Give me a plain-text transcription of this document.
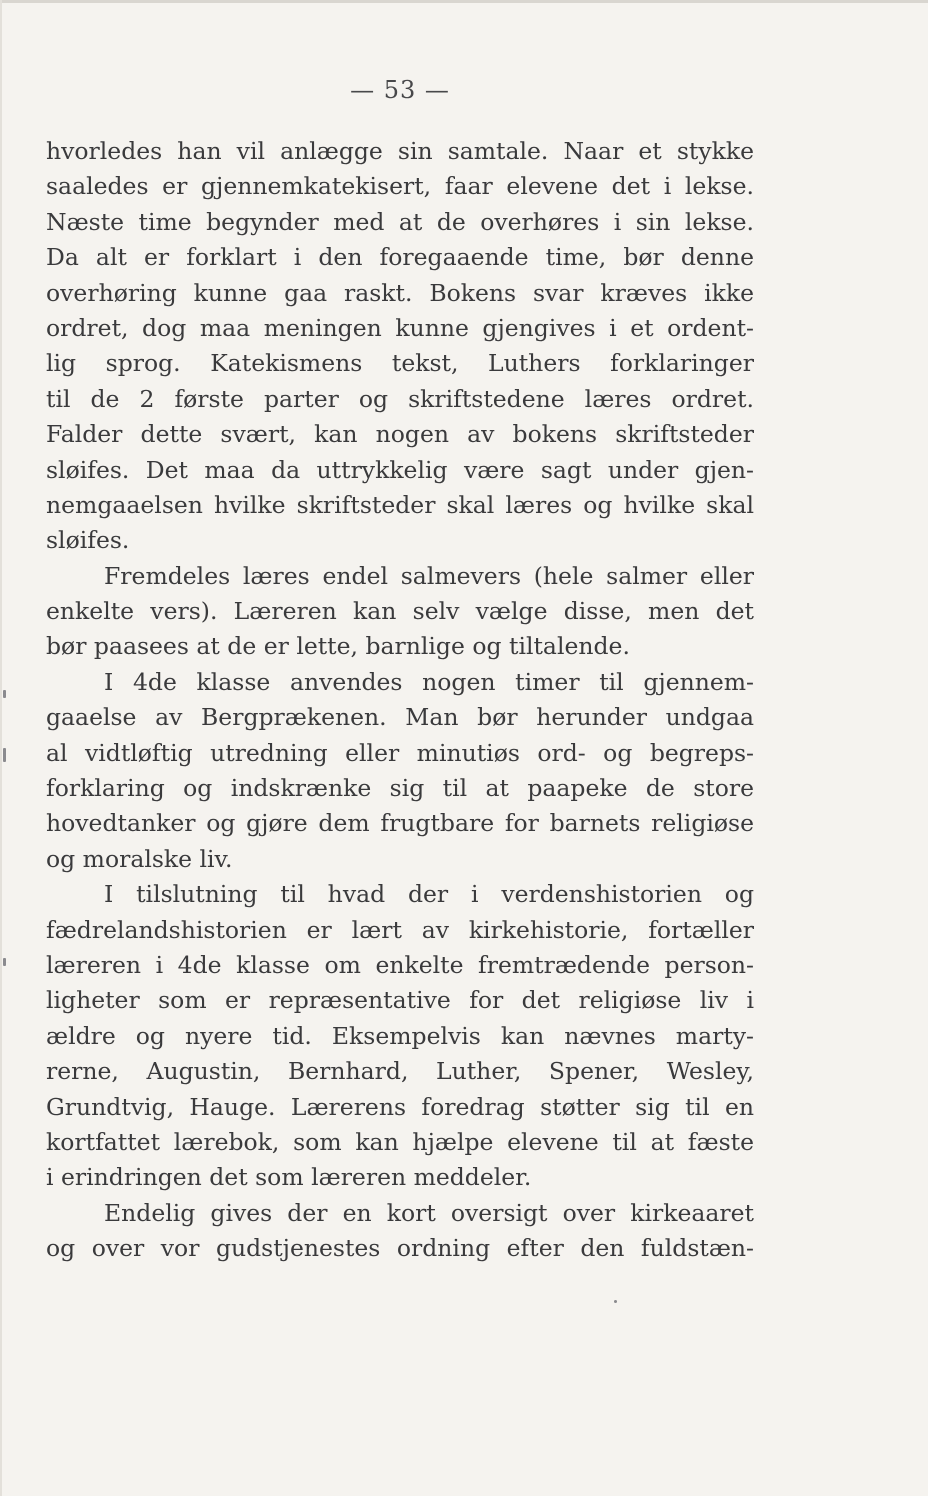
— 53 —
hvorledes han vil anlægge sin samtale. Naar et stykke
saaledes er gjennemkatekisert, faar elevene det i lekse.
Næste time begynder med at de overhøres i sin lekse.
Da alt er forklart i den foregaaende time, bør denne
overhøring kunne gaa raskt. Bokens svar kræves ikke
ordret, dog maa meningen kunne gjengives i et ordent-
lig sprog. Katekismens tekst, Luthers forklaringer
til de 2 første parter og skriftstedene læres ordret.
Falder dette svært, kan nogen av bokens skriftsteder
sløifes. Det maa da uttrykkelig være sagt under gjen-
nemgaaelsen hvilke skriftsteder skal læres og hvilke skal
sløifes.
Fremdeles læres endel salmevers (hele salmer eller
enkelte vers). Læreren kan selv vælge disse, men det
bør paasees at de er lette, barnlige og tiltalende.
I 4de klasse anvendes nogen timer til gjennem-
gaaelse av Bergprækenen. Man bør herunder undgaa
al vidtløftig utredning eller minutiøs ord- og begreps-
forklaring og indskrænke sig til at paapeke de store
hovedtanker og gjøre dem frugtbare for barnets religiøse
og moralske liv.
I tilslutning til hvad der i verdenshistorien og
fædrelandshistorien er lært av kirkehistorie, fortæller
læreren i 4de klasse om enkelte fremtrædende person-
ligheter som er repræsentative for det religiøse liv i
ældre og nyere tid. Eksempelvis kan nævnes marty-
rerne, Augustin, Bernhard, Luther, Spener, Wesley,
Grundtvig, Hauge. Lærerens foredrag støtter sig til en
kortfattet lærebok, som kan hjælpe elevene til at fæste
i erindringen det som læreren meddeler.
Endelig gives der en kort oversigt over kirkeaaret
og over vor gudstjenestes ordning efter den fuldstæn-
